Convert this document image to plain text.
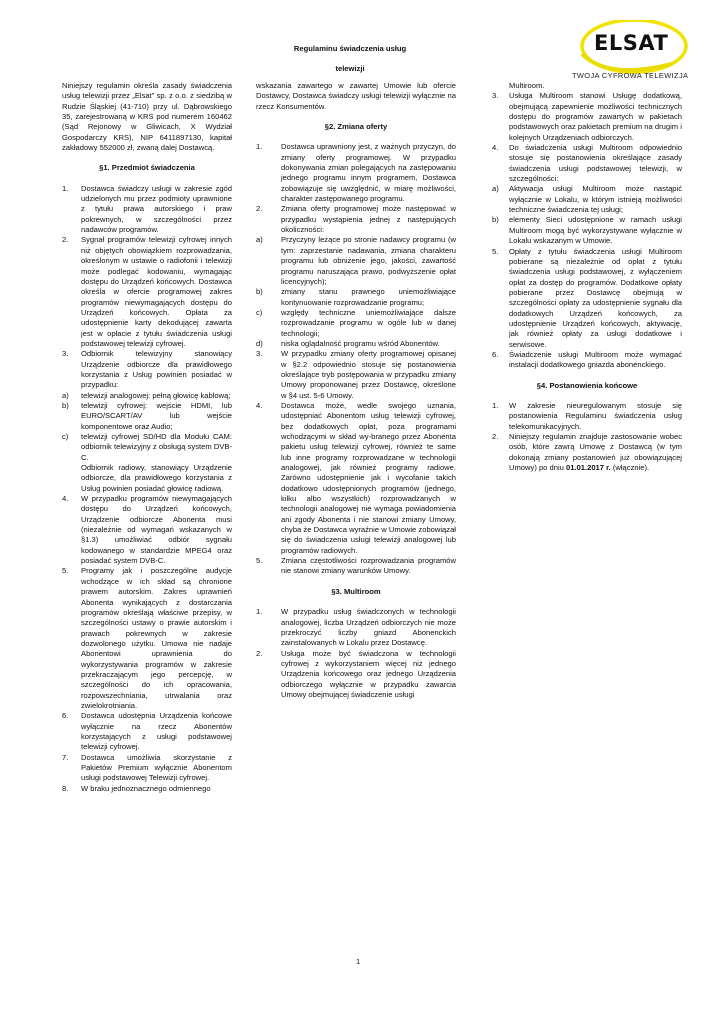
ELSAT
TWOJA CYFROWA TELEWIZJA
Regulaminu świadczenia usług
telewizji

Niniejszy regulamin określa zasady świadczenia usług telewizji przez „Elsat” sp. z o.o. z siedzibą w Rudzie Śląskiej (41-710) przy ul. Dąbrowskiego 35, zarejestrowaną w KRS pod numerem 160462 (Sąd Rejonowy w Gliwicach, X Wydział Gospodarczy KRS), NIP 6411897130, kapitał zakładowy 552000 zł, zwaną dalej Dostawcą.

§1. Przedmiot świadczenia

1.	Dostawca świadczy usługi w zakresie zgód udzielonych mu przez podmioty uprawnione z tytułu prawa autorskiego i praw pokrewnych, w szczególności przez nadawców programów.
2.	Sygnał programów telewizji cyfrowej innych niż objętych obowiązkiem rozprowadzania, określonym w ustawie o radiofonii i telewizji może podlegać kodowaniu, wymagając dostępu do Urządzeń końcowych. Dostawca określa w ofercie programowej zakres programów niewymagających dostępu do Urządzeń końcowych. Opłata za udostępnienie karty dekodującej zawarta jest w opłacie z tytułu świadczenia usługi podstawowej telewizji cyfrowej.
3.	Odbiornik telewizyjny stanowiący Urządzenie odbiorcze dla prawidłowego korzystania z Usług powinien posiadać w przypadku:
a)	telewizji analogowej: pełną głowicę kablową;
b)	telewizji cyfrowej: wejście HDMI, lub EURO/SCART/AV lub wejście komponentowe oraz Audio;
c)	telewizji cyfrowej SD/HD dla Modułu CAM: odbiornik telewizyjny z obsługą system DVB-C.

Odbiornik radiowy, stanowiący Urządzenie odbiorcze, dla prawidłowego korzystania z Usług powinien posiadać głowicę radiową.

4.	W przypadku programów niewymagających dostępu do Urządzeń końcowych, Urządzenie odbiorcze Abonenta musi (niezależnie od wymagań wskazanych w §1.3) umożliwiać odbiór sygnału kodowanego w standardzie MPEG4 oraz posiadać system DVB-C.
5.	Programy jak i poszczególne audycje wchodzące w ich skład są chronione prawem autorskim. Zakres uprawnień Abonenta wynikających z dostarczania programów określają właściwe przepisy, w szczególności ustawy o prawie autorskim i prawach pokrewnych w zakresie dozwolonego użytku. Umowa nie nadaje Abonentowi uprawnienia do wykorzystywania programów w zakresie przekraczającym jego percepcję, w szczególności do ich opracowania, rozpowszechniania, utrwalania oraz zwielokrotniania.
6.	Dostawca udostępnia Urządzenia końcowe wyłącznie na rzecz Abonentów korzystających z usługi podstawowej telewizji cyfrowej.
7.	Dostawca umożliwia skorzystanie z Pakietów Premium wyłącznie Abonentom usługi podstawowej Telewizji cyfrowej.
8.	W braku jednoznacznego odmiennego

wskazania zawartego w zawartej Umowie lub ofercie Dostawcy, Dostawca świadczy usługi telewizji wyłącznie na rzecz Konsumentów.

§2. Zmiana oferty

1.	Dostawca uprawniony jest, z ważnych przyczyn, do zmiany oferty programowej. W przypadku dokonywania zmian polegających na zastępowaniu jednego programu innym programem, Dostawca zobowiązuje się uwzględnić, w miarę możliwości, charakter zastępowanego programu.
2.	Zmiana oferty programowej może następować w przypadku wystąpienia jednej z następujących okoliczności:
a)	Przyczyny leżące po stronie nadawcy programu (w tym: zaprzestanie nadawania, zmiana charakteru programu lub obniżenie jego, jakości, zawartość programu naruszająca prawo, podwyższenie opłat licencyjnych);
b)	zmiany stanu prawnego uniemożliwiające kontynuowanie rozprowadzanie programu;
c)	względy techniczne uniemożliwiające dalsze rozprowadzanie programu w ogóle lub w danej technologii;
d)	niska oglądalność programu wśród Abonentów.
3.	W przypadku zmiany oferty programowej opisanej w §2.2 odpowiednio stosuje się postanowienia określające tryb postępowania w przypadku zmiany Umowy proponowanej przez Dostawcę, określone w §4 ust. 5-6 Umowy.
4.	Dostawca może, wedle swojego uznania, udostępniać Abonentom usług telewizji cyfrowej, bez dodatkowych opłat, poza programami wchodzącymi w skład wy-branego przez Abonenta pakietu usług telewizji cyfrowej, również te same lub inne programy rozprowadzane w technologii analogowej, jak również programy radiowe. Zarówno udostępnienie jak i wycofanie takich dodatkowo udostępnionych programów (jednego, kilku albo wszystkich) rozprowadzanych w technologii analogowej nie wymaga powiadomienia ani zgody Abonenta i nie stanowi zmiany Umowy, chyba że Dostawca wyraźnie w Umowie zobowiązał się do świadczenia usługi telewizji analogowej lub programów radiowych.
5.	Zmiana częstotliwości rozprowadzania programów nie stanowi zmiany warunków Umowy.

§3. Multiroom

1.	W przypadku usług świadczonych w technologii analogowej, liczba Urządzeń odbiorczych nie może przekroczyć liczby gniazd Abonenckich zainstalowanych w Lokalu przez Dostawcę.
2.	Usługa może być świadczona w technologii cyfrowej z wykorzystaniem więcej niż jednego Urządzenia końcowego oraz jednego Urządzenia odbiorczego wyłącznie w przypadku zawarcia Umowy obejmującej świadczenie usługi

Multiroom.

3.	Usługa Multiroom stanowi Usługę dodatkową, obejmującą zapewnienie możliwości technicznych dostępu do programów zawartych w pakietach podstawowych oraz pakietach premium na drugim i kolejnych Urządzeniach odbiorczych.
4.	Do świadczenia usługi Multiroom odpowiednio stosuje się postanowienia określające zasady świadczenia usługi podstawowej telewizji, w szczególności:
a)	Aktywacja usługi Multiroom może nastąpić wyłącznie w Lokalu, w którym istnieją możliwości techniczne świadczenia tej usługi;
b)	elementy Sieci udostępnione w ramach usługi Multiroom mogą być wykorzystywane wyłącznie w Lokalu wskazanym w Umowie.
5.	Opłaty z tytułu świadczenia usługi Multiroom pobierane są niezależnie od opłat z tytułu świadczenia usługi podstawowej, z wyłączeniem opłat za dostęp do programów. Dodatkowe opłaty pobierane przez Dostawcę obejmują w szczególności opłaty za udostępnienie sygnału dla dodatkowych Urządzeń końcowych, za udostępnienie Urządzeń końcowych, aktywację, jak również opłaty za usługi dodatkowe i serwisowe.
6.	Świadczenie usługi Multiroom może wymagać instalacji dodatkowego gniazda abonenckiego.

§4. Postanowienia końcowe

1.	W zakresie nieuregulowanym stosuje się postanowienia Regulaminu świadczenia usług telekomunikacyjnych.
2.	Niniejszy regulamin znajduje zastosowanie wobec osób, które zawrą Umowę z Dostawcą (w tym dokonają zmiany postanowień już obowiązującej Umowy) po dniu 01.01.2017 r. (włącznie).
1
